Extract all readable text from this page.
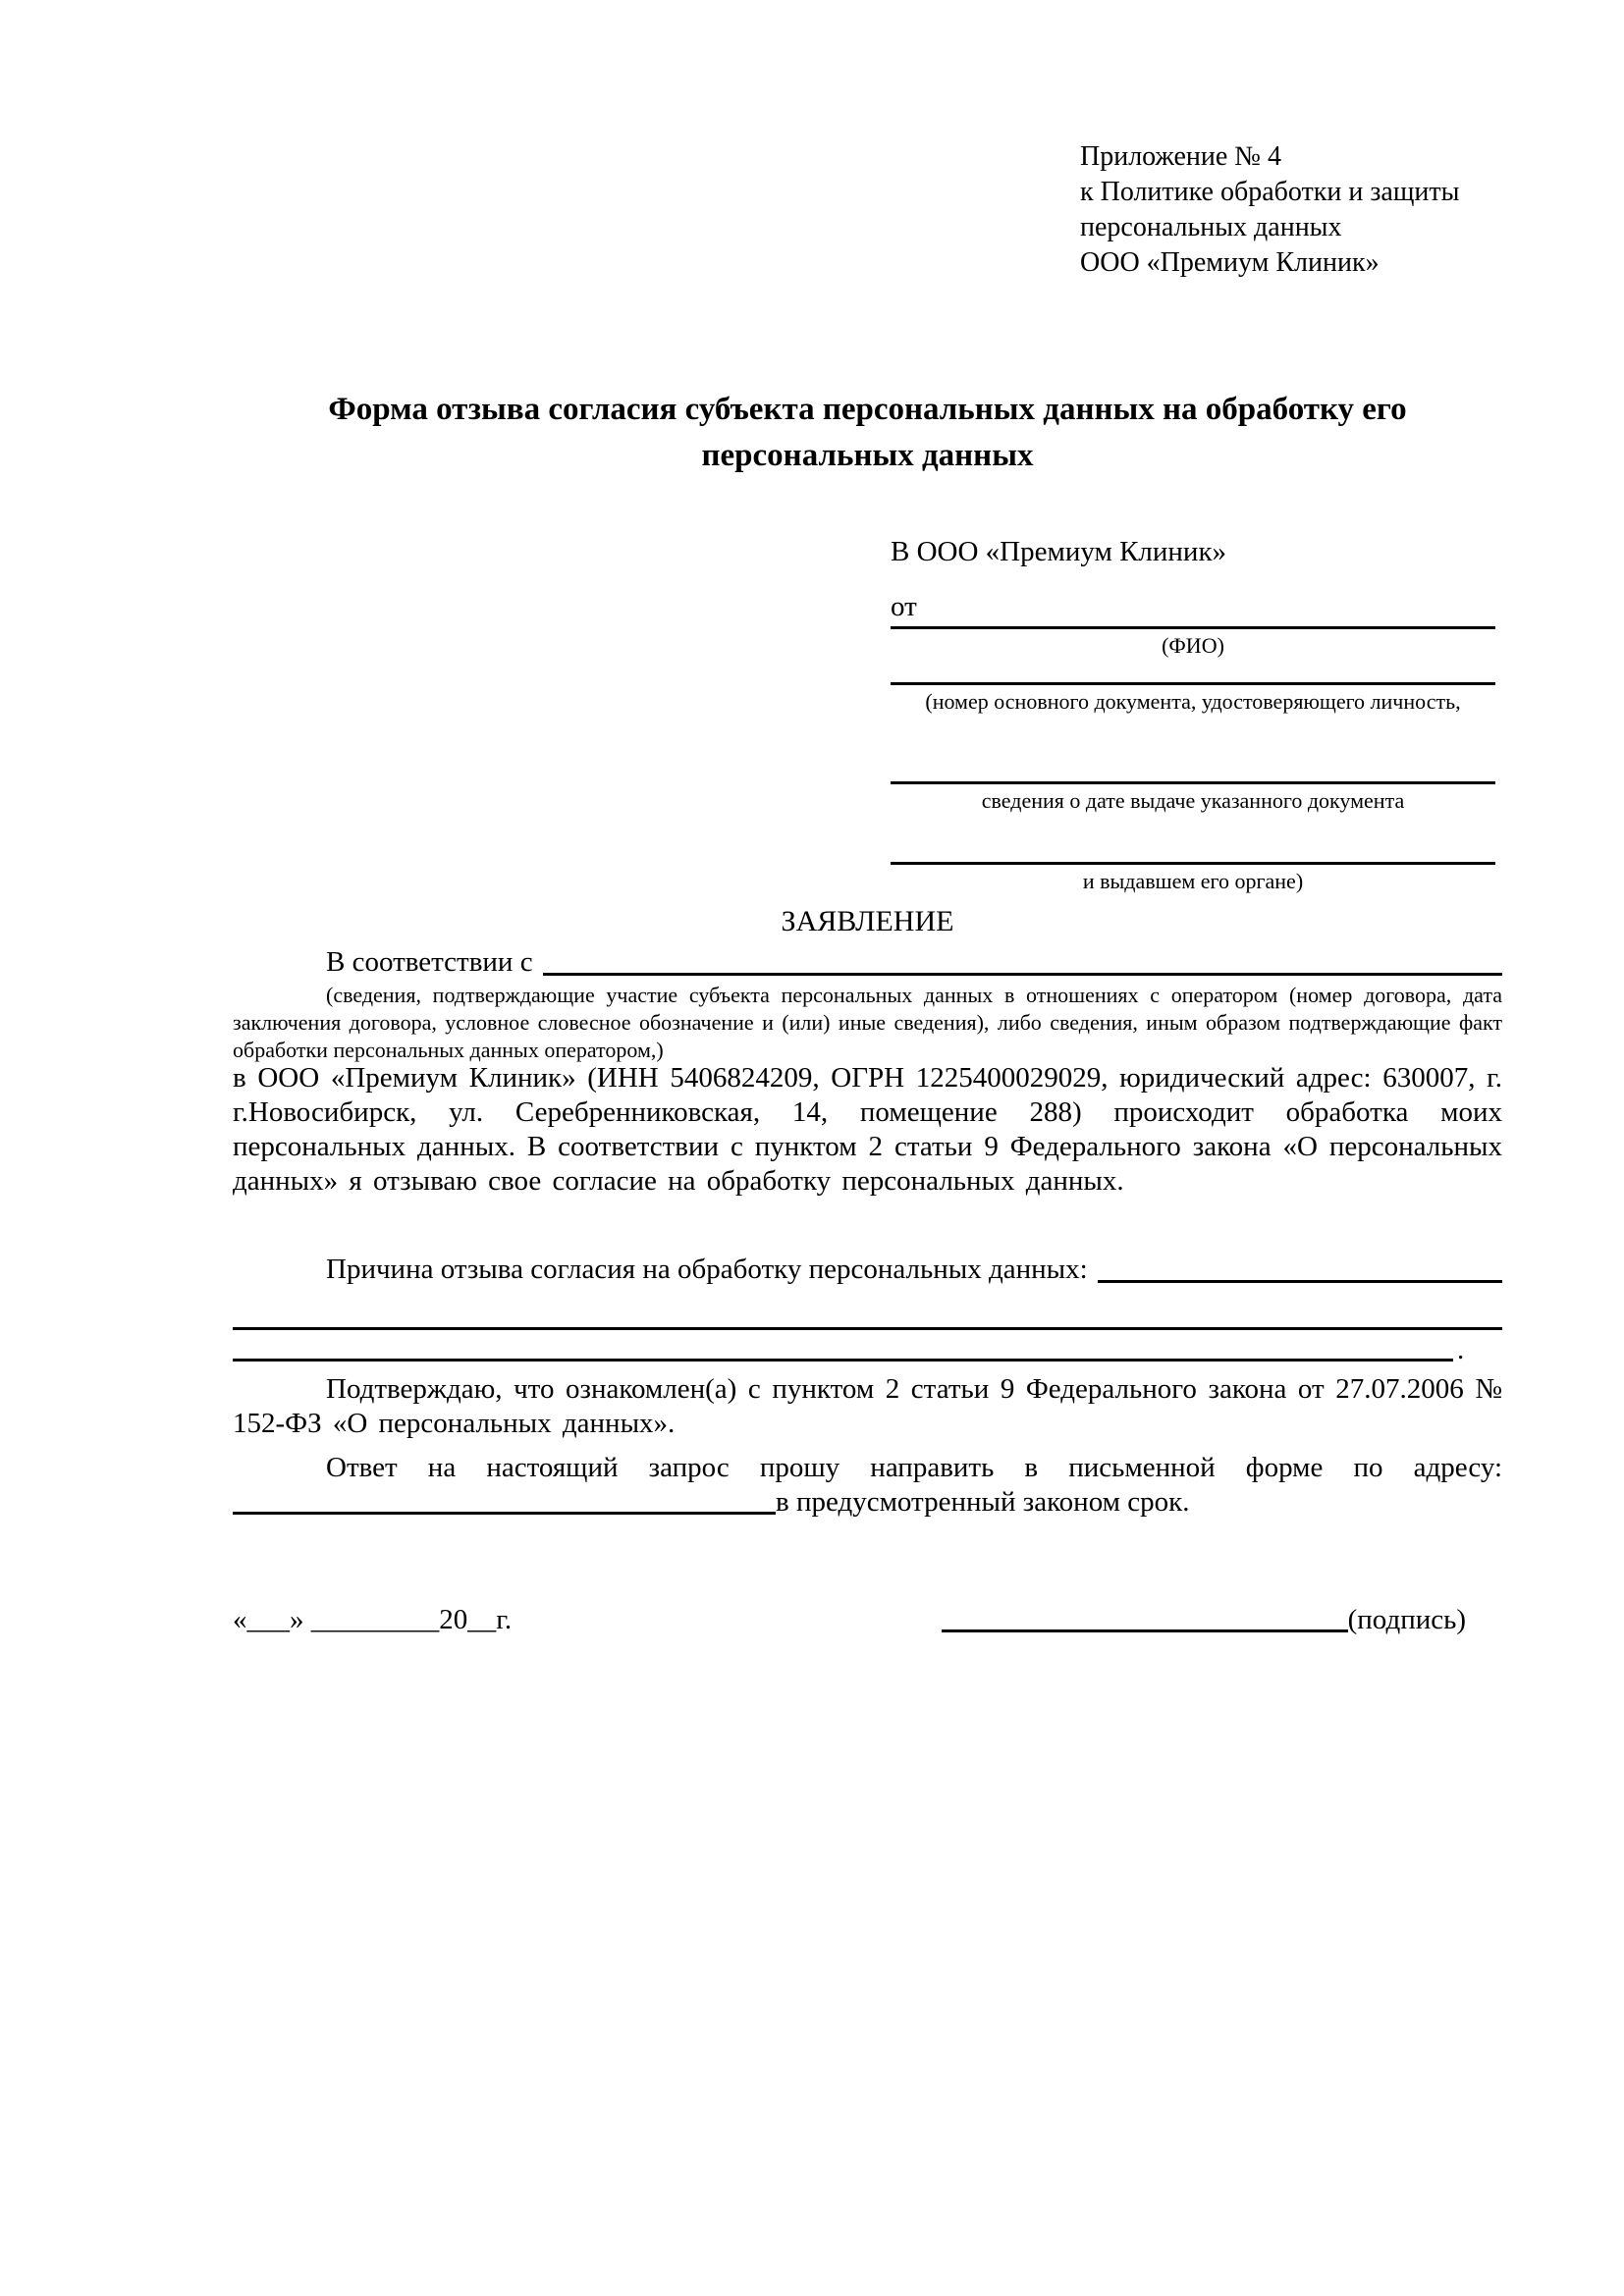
Приложение № 4
к Политике обработки и защиты
персональных данных
ООО «Премиум Клиник»
Форма отзыва согласия субъекта персональных данных на обработку его персональных данных
В ООО «Премиум Клиник»
от
(ФИО)
(номер основного документа, удостоверяющего личность,
сведения о дате выдаче указанного документа
и выдавшем его органе)
ЗАЯВЛЕНИЕ
В соответствии с
(сведения, подтверждающие участие субъекта персональных данных в отношениях с оператором (номер договора, дата заключения договора, условное словесное обозначение и (или) иные сведения), либо сведения, иным образом подтверждающие факт обработки персональных данных оператором,)
в ООО «Премиум Клиник» (ИНН 5406824209, ОГРН 1225400029029, юридический адрес: 630007, г. г.Новосибирск, ул. Серебренниковская, 14, помещение 288) происходит обработка моих персональных данных. В соответствии с пунктом 2 статьи 9 Федерального закона «О персональных данных» я отзываю свое согласие на обработку персональных данных.
Причина отзыва согласия на обработку персональных данных:
.
Подтверждаю, что ознакомлен(а) с пунктом 2 статьи 9 Федерального закона от 27.07.2006 № 152-ФЗ «О персональных данных».
Ответ на настоящий запрос прошу направить в письменной форме по адресу:
в предусмотренный законом срок.
«___» _________20__г.	(подпись)
